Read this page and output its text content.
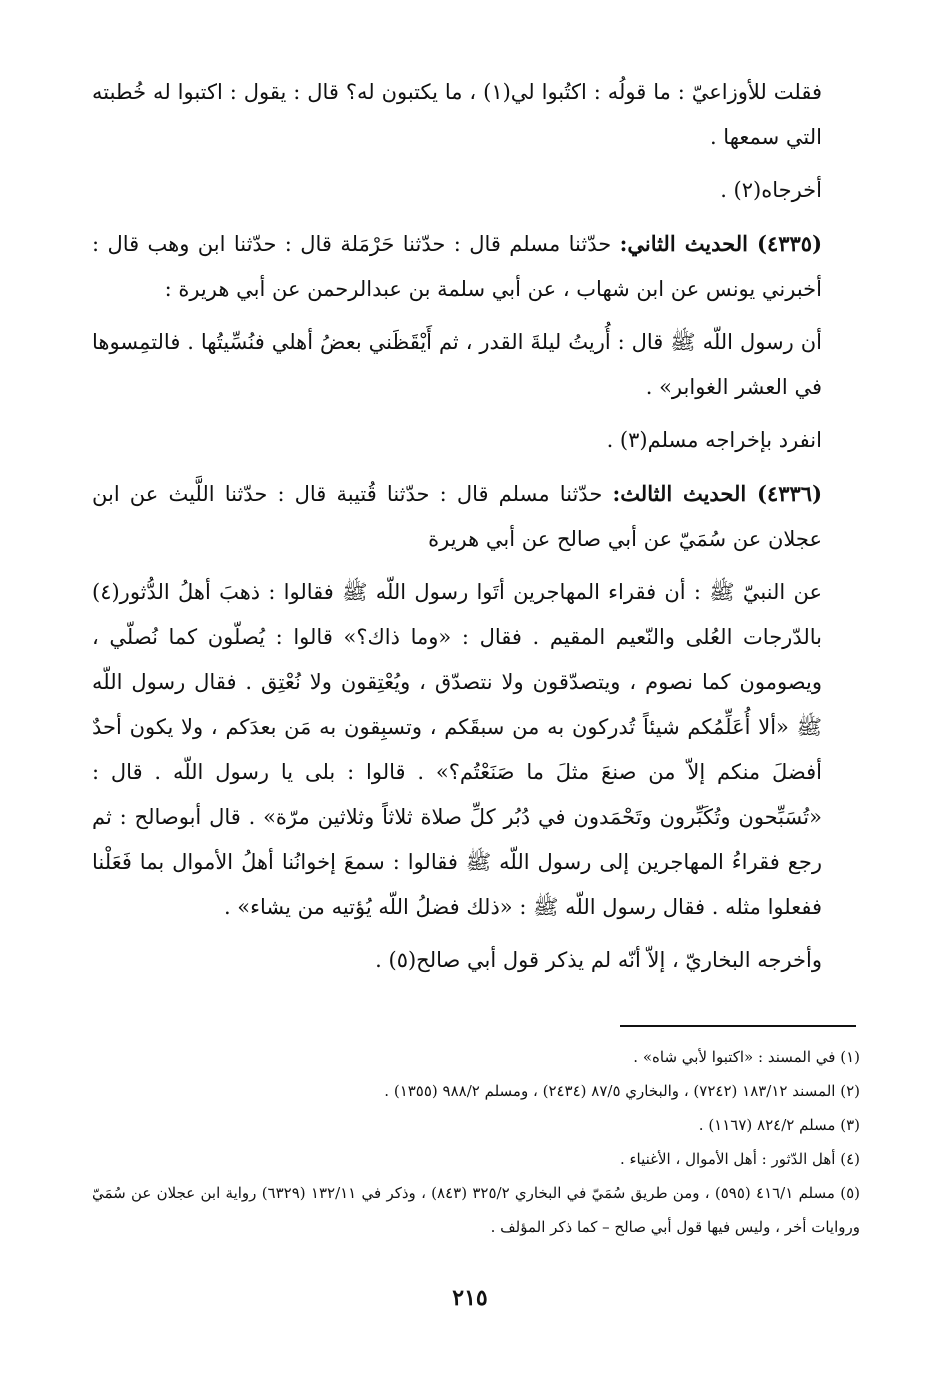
فقلت للأوزاعيّ : ما قولُه : اكتُبوا لي(١) ، ما يكتبون له؟ قال : يقول : اكتبوا له خُطبته التي سمعها .

أخرجاه(٢) .

(٤٣٣٥) الحديث الثاني: حدّثنا مسلم قال : حدّثنا حَرْمَلة قال : حدّثنا ابن وهب قال : أخبرني يونس عن ابن شهاب ، عن أبي سلمة بن عبدالرحمن عن أبي هريرة :

أن رسول اللّه ﷺ قال : أُريتُ ليلةَ القدر ، ثم أَيْقَظَني بعضُ أهلي فنُسِّيتُها . فالتمِسوها في العشر الغوابر» .

انفرد بإخراجه مسلم(٣) .

(٤٣٣٦) الحديث الثالث: حدّثنا مسلم قال : حدّثنا قُتيبة قال : حدّثنا اللَّيث عن ابن عجلان عن سُمَيّ عن أبي صالح عن أبي هريرة

عن النبيّ ﷺ : أن فقراء المهاجرين أتَوا رسول اللّه ﷺ فقالوا : ذهبَ أهلُ الدُّثور(٤) بالدّرجات العُلى والنّعيم المقيم . فقال : «وما ذاك؟» قالوا : يُصلّون كما نُصلّي ، ويصومون كما نصوم ، ويتصدّقون ولا نتصدّق ، ويُعْتِقون ولا نُعْتِق . فقال رسول اللّه ﷺ «ألا أُعَلِّمُكم شيئاً تُدركون به من سبقَكم ، وتسبِقون به مَن بعدَكم ، ولا يكون أحدٌ أفضلَ منكم إلاّ من صنعَ مثلَ ما صَنَعْتُم؟» . قالوا : بلى يا رسول اللّه . قال : «تُسَبِّحون وتُكَبِّرون وتَحْمَدون في دُبُر كلِّ صلاة ثلاثاً وثلاثين مرّة» . قال أبوصالح : ثم رجع فقراءُ المهاجرين إلى رسول اللّه ﷺ فقالوا : سمعَ إخوانُنا أهلُ الأموال بما فَعَلْنا ففعلوا مثله . فقال رسول اللّه ﷺ : «ذلك فضلُ اللّه يُؤتيه من يشاء» .

وأخرجه البخاريّ ، إلاّ أنّه لم يذكر قول أبي صالح(٥) .

(١) في المسند : «اكتبوا لأبي شاه» .

(٢) المسند ١٨٣/١٢ (٧٢٤٢) ، والبخاري ٨٧/٥ (٢٤٣٤) ، ومسلم ٩٨٨/٢ (١٣٥٥) .

(٣) مسلم ٨٢٤/٢ (١١٦٧) .

(٤) أهل الدّثور : أهل الأموال ، الأغنياء .

(٥) مسلم ٤١٦/١ (٥٩٥) ، ومن طريق سُمَيّ في البخاري ٣٢٥/٢ (٨٤٣) ، وذكر في ١٣٢/١١ (٦٣٢٩) رواية ابن عجلان عن سُمَيّ وروايات أخر ، وليس فيها قول أبي صالح – كما ذكر المؤلف .

٢١٥
